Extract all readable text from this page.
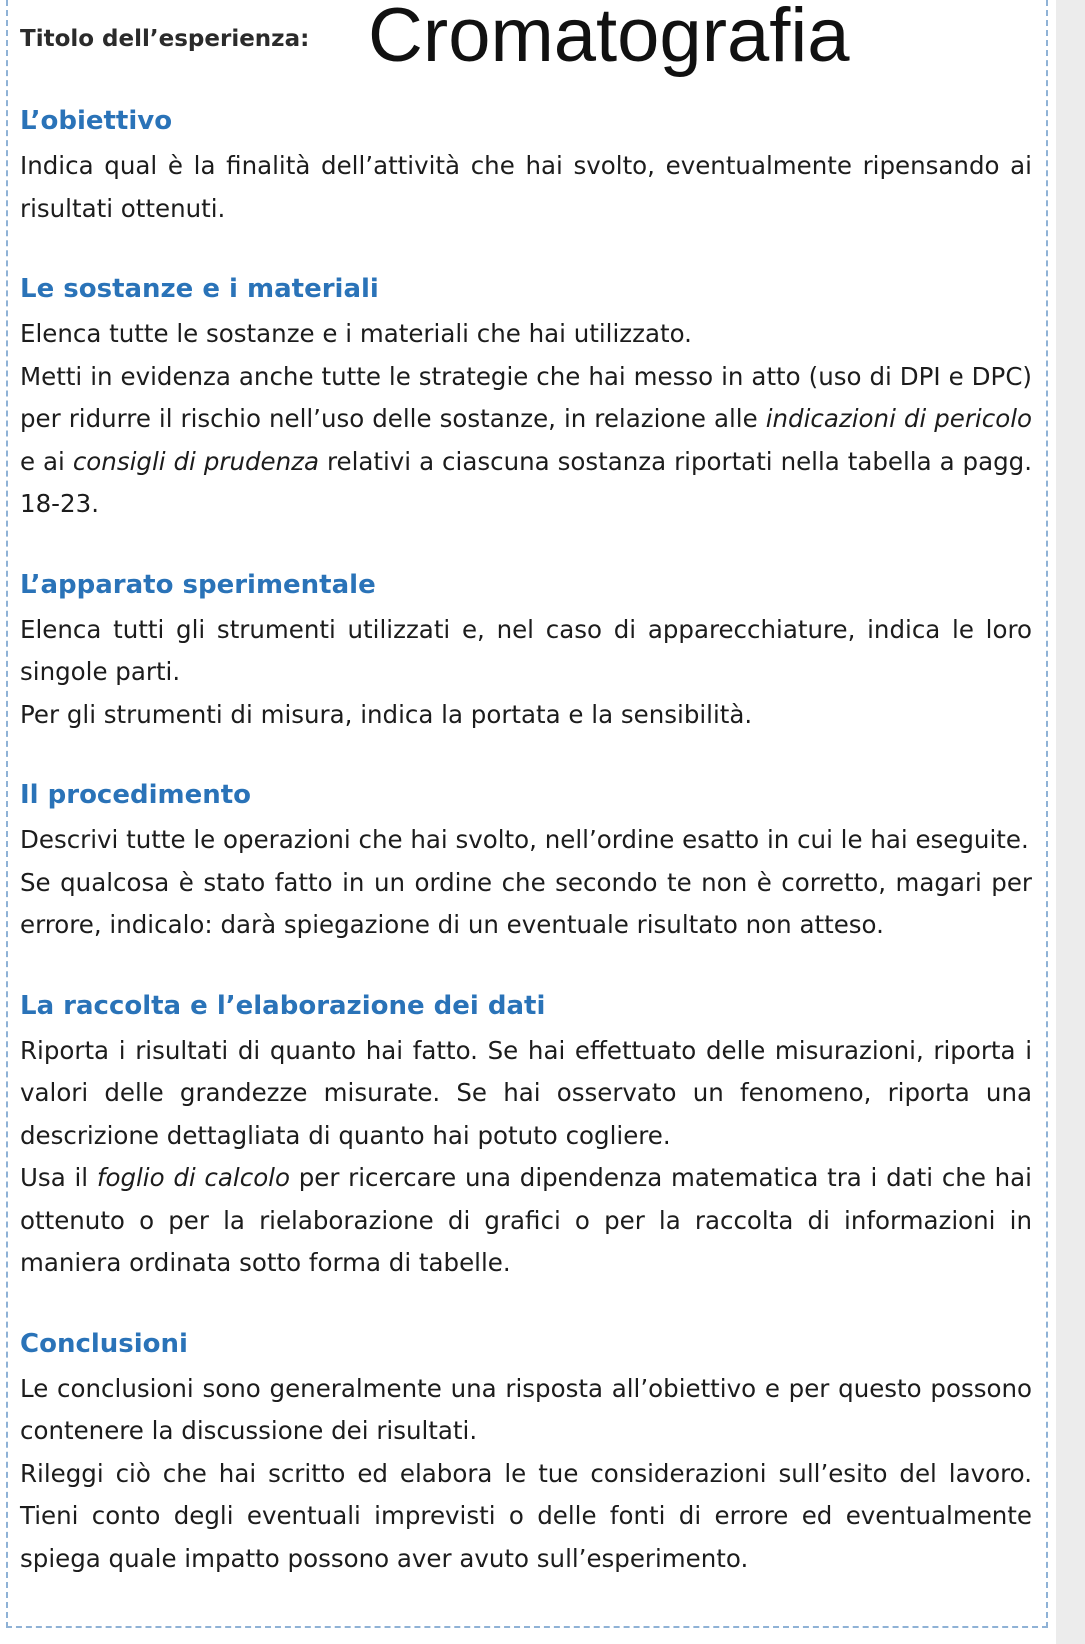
Titolo dell’esperienza: Cromatografia
L’obiettivo

Indica qual è la finalità dell’attività che hai svolto, eventualmente ripensando ai risultati ottenuti.

Le sostanze e i materiali

Elenca tutte le sostanze e i materiali che hai utilizzato.

Metti in evidenza anche tutte le strategie che hai messo in atto (uso di DPI e DPC) per ridurre il rischio nell’uso delle sostanze, in relazione alle indicazioni di pericolo e ai consigli di prudenza relativi a ciascuna sostanza riportati nella tabella a pagg. 18-23.

L’apparato sperimentale

Elenca tutti gli strumenti utilizzati e, nel caso di apparecchiature, indica le loro singole parti.

Per gli strumenti di misura, indica la portata e la sensibilità.

Il procedimento

Descrivi tutte le operazioni che hai svolto, nell’ordine esatto in cui le hai eseguite.

Se qualcosa è stato fatto in un ordine che secondo te non è corretto, magari per errore, indicalo: darà spiegazione di un eventuale risultato non atteso.

La raccolta e l’elaborazione dei dati

Riporta i risultati di quanto hai fatto. Se hai effettuato delle misurazioni, riporta i valori delle grandezze misurate. Se hai osservato un fenomeno, riporta una descrizione dettagliata di quanto hai potuto cogliere.

Usa il foglio di calcolo per ricercare una dipendenza matematica tra i dati che hai ottenuto o per la rielaborazione di grafici o per la raccolta di informazioni in maniera ordinata sotto forma di tabelle.

Conclusioni

Le conclusioni sono generalmente una risposta all’obiettivo e per questo possono contenere la discussione dei risultati.

Rileggi ciò che hai scritto ed elabora le tue considerazioni sull’esito del lavoro. Tieni conto degli eventuali imprevisti o delle fonti di errore ed eventualmente spiega quale impatto possono aver avuto sull’esperimento.
